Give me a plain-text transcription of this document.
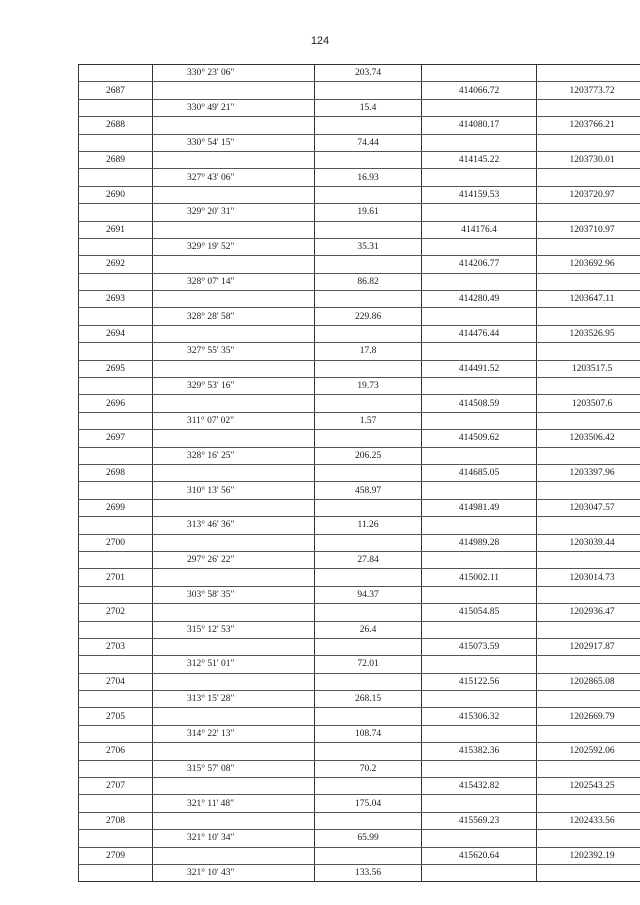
124
	330° 23' 06"	203.74		
2687			414066.72	1203773.72
	330° 49' 21"	15.4		
2688			414080.17	1203766.21
	330° 54' 15"	74.44		
2689			414145.22	1203730.01
	327° 43' 06"	16.93		
2690			414159.53	1203720.97
	329° 20' 31"	19.61		
2691			414176.4	1203710.97
	329° 19' 52"	35.31		
2692			414206.77	1203692.96
	328° 07' 14"	86.82		
2693			414280.49	1203647.11
	328° 28' 58"	229.86		
2694			414476.44	1203526.95
	327° 55' 35"	17.8		
2695			414491.52	1203517.5
	329° 53' 16"	19.73		
2696			414508.59	1203507.6
	311° 07' 02"	1.57		
2697			414509.62	1203506.42
	328° 16' 25"	206.25		
2698			414685.05	1203397.96
	310° 13' 56"	458.97		
2699			414981.49	1203047.57
	313° 46' 36"	11.26		
2700			414989.28	1203039.44
	297° 26' 22"	27.84		
2701			415002.11	1203014.73
	303° 58' 35"	94.37		
2702			415054.85	1202936.47
	315° 12' 53"	26.4		
2703			415073.59	1202917.87
	312° 51' 01"	72.01		
2704			415122.56	1202865.08
	313° 15' 28"	268.15		
2705			415306.32	1202669.79
	314° 22' 13"	108.74		
2706			415382.36	1202592.06
	315° 57' 08"	70.2		
2707			415432.82	1202543.25
	321° 11' 48"	175.04		
2708			415569.23	1202433.56
	321° 10' 34"	65.99		
2709			415620.64	1202392.19
	321° 10' 43"	133.56		
